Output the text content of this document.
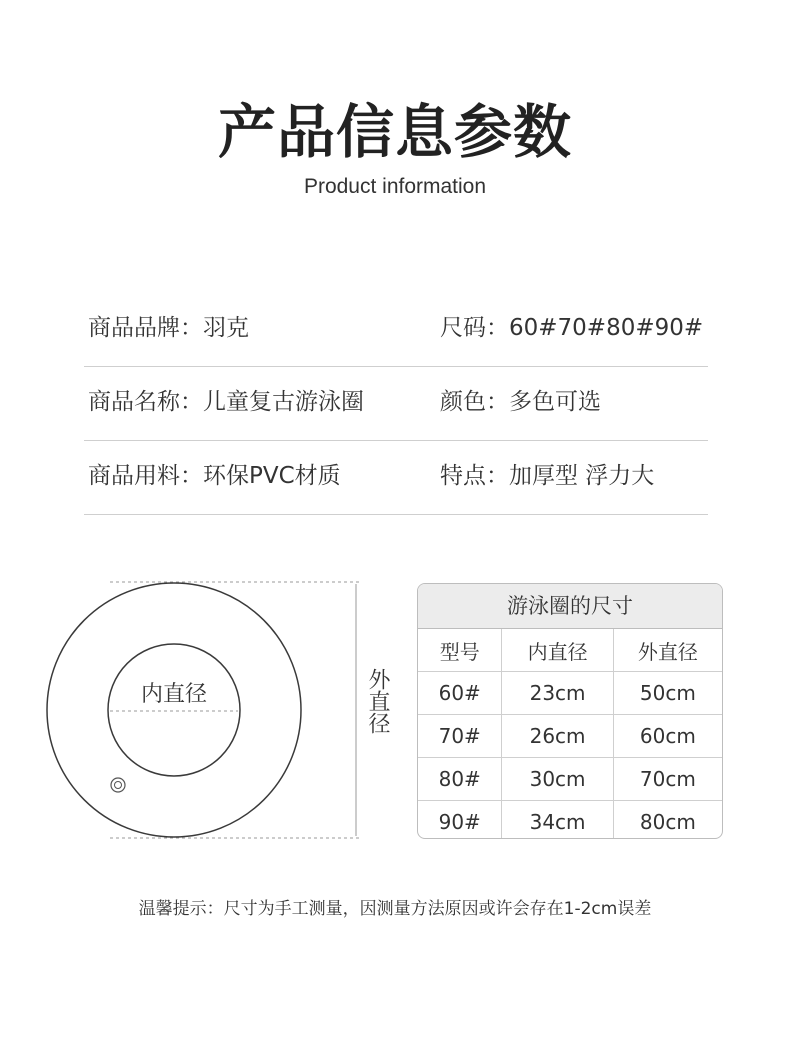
产品信息参数
Product information
商品品牌：羽克	尺码：60#70#80#90#
商品名称：儿童复古游泳圈	颜色：多色可选
商品用料：环保PVC材质	特点：加厚型 浮力大
内直径	外直径
游泳圈的尺寸
型号	内直径	外直径
60#	23cm	50cm
70#	26cm	60cm
80#	30cm	70cm
90#	34cm	80cm
温馨提示：尺寸为手工测量，因测量方法原因或许会存在1-2cm误差
